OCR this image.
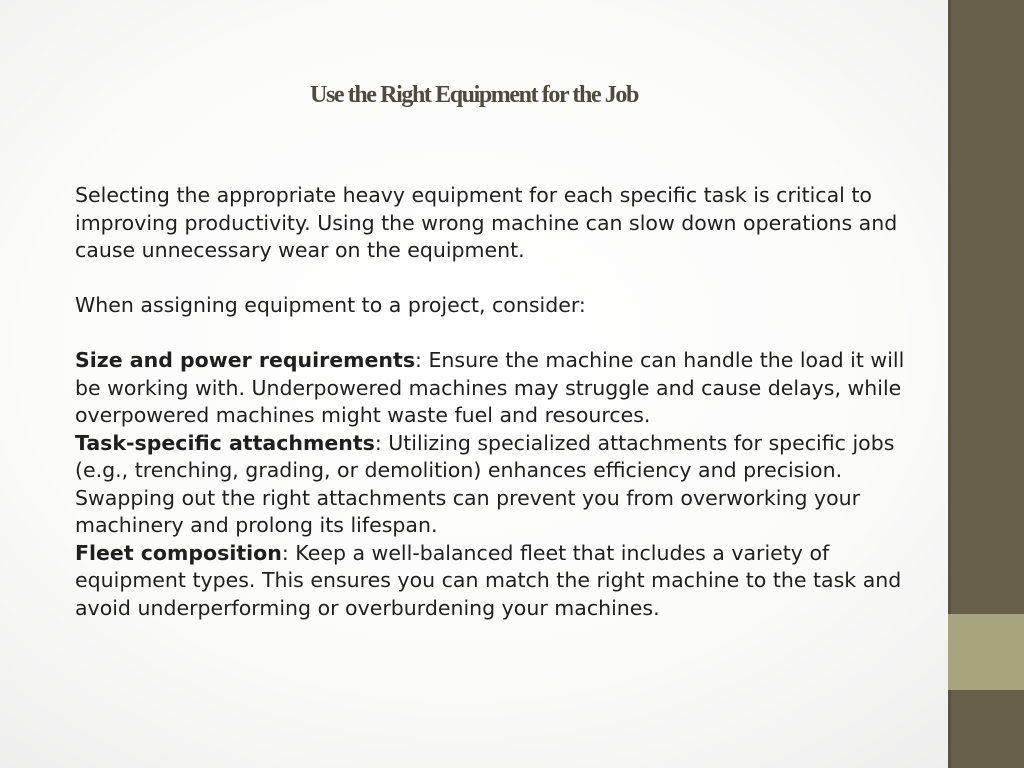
Use the Right Equipment for the Job

Selecting the appropriate heavy equipment for each specific task is critical to improving productivity. Using the wrong machine can slow down operations and cause unnecessary wear on the equipment.

When assigning equipment to a project, consider:

Size and power requirements: Ensure the machine can handle the load it will be working with. Underpowered machines may struggle and cause delays, while overpowered machines might waste fuel and resources.

Task-specific attachments: Utilizing specialized attachments for specific jobs (e.g., trenching, grading, or demolition) enhances efficiency and precision. Swapping out the right attachments can prevent you from overworking your machinery and prolong its lifespan.

Fleet composition: Keep a well-balanced fleet that includes a variety of equipment types. This ensures you can match the right machine to the task and avoid underperforming or overburdening your machines.
